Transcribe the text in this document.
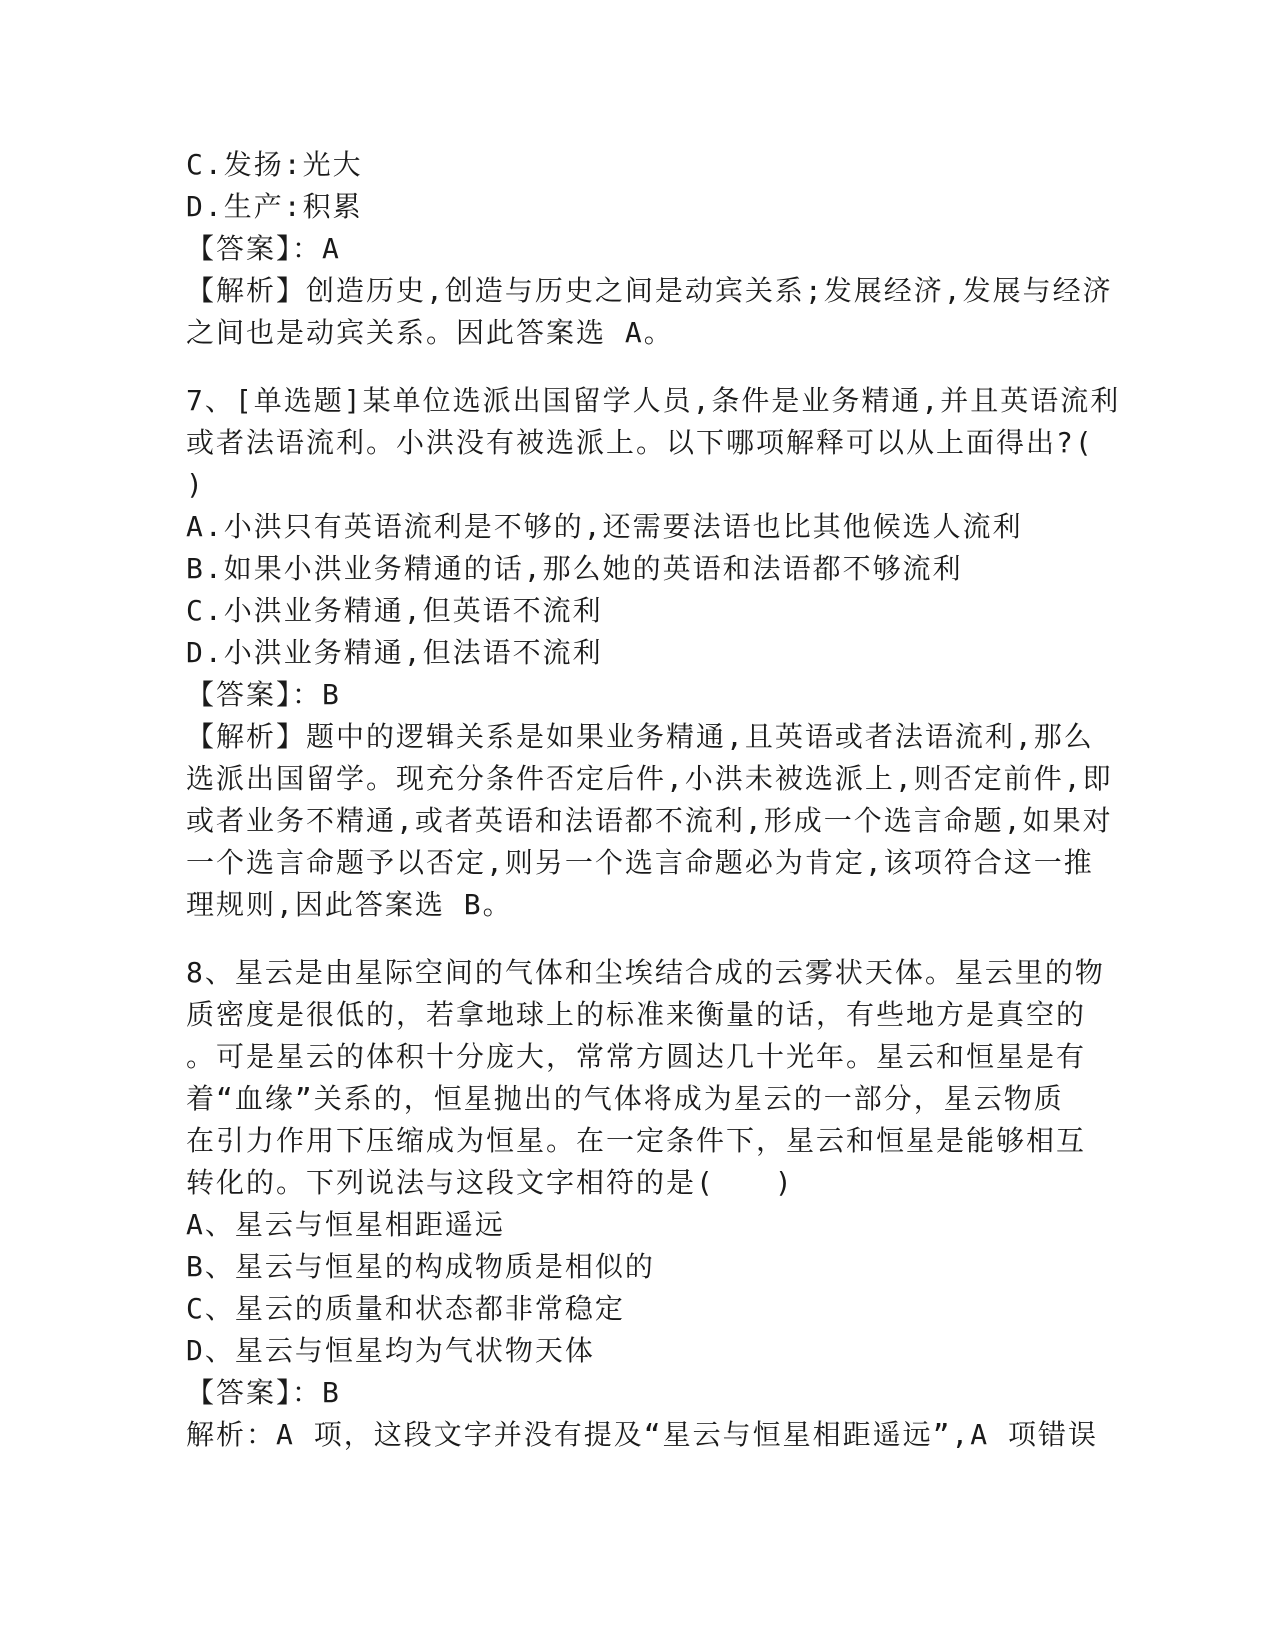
C.发扬:光大
D.生产:积累
【答案】：A
【解析】创造历史,创造与历史之间是动宾关系;发展经济,发展与经济
之间也是动宾关系。因此答案选 A。
7、[单选题]某单位选派出国留学人员,条件是业务精通,并且英语流利
或者法语流利。小洪没有被选派上。以下哪项解释可以从上面得出?(
)
A.小洪只有英语流利是不够的,还需要法语也比其他候选人流利
B.如果小洪业务精通的话,那么她的英语和法语都不够流利
C.小洪业务精通,但英语不流利
D.小洪业务精通,但法语不流利
【答案】：B
【解析】题中的逻辑关系是如果业务精通,且英语或者法语流利,那么
选派出国留学。现充分条件否定后件,小洪未被选派上,则否定前件,即
或者业务不精通,或者英语和法语都不流利,形成一个选言命题,如果对
一个选言命题予以否定,则另一个选言命题必为肯定,该项符合这一推
理规则,因此答案选 B。
8、星云是由星际空间的气体和尘埃结合成的云雾状天体。星云里的物
质密度是很低的，若拿地球上的标准来衡量的话，有些地方是真空的
。可是星云的体积十分庞大，常常方圆达几十光年。星云和恒星是有
着“血缘”关系的，恒星抛出的气体将成为星云的一部分，星云物质
在引力作用下压缩成为恒星。在一定条件下，星云和恒星是能够相互
转化的。下列说法与这段文字相符的是(　　)
A、星云与恒星相距遥远
B、星云与恒星的构成物质是相似的
C、星云的质量和状态都非常稳定
D、星云与恒星均为气状物天体
【答案】：B
解析：A 项，这段文字并没有提及“星云与恒星相距遥远”,A 项错误
